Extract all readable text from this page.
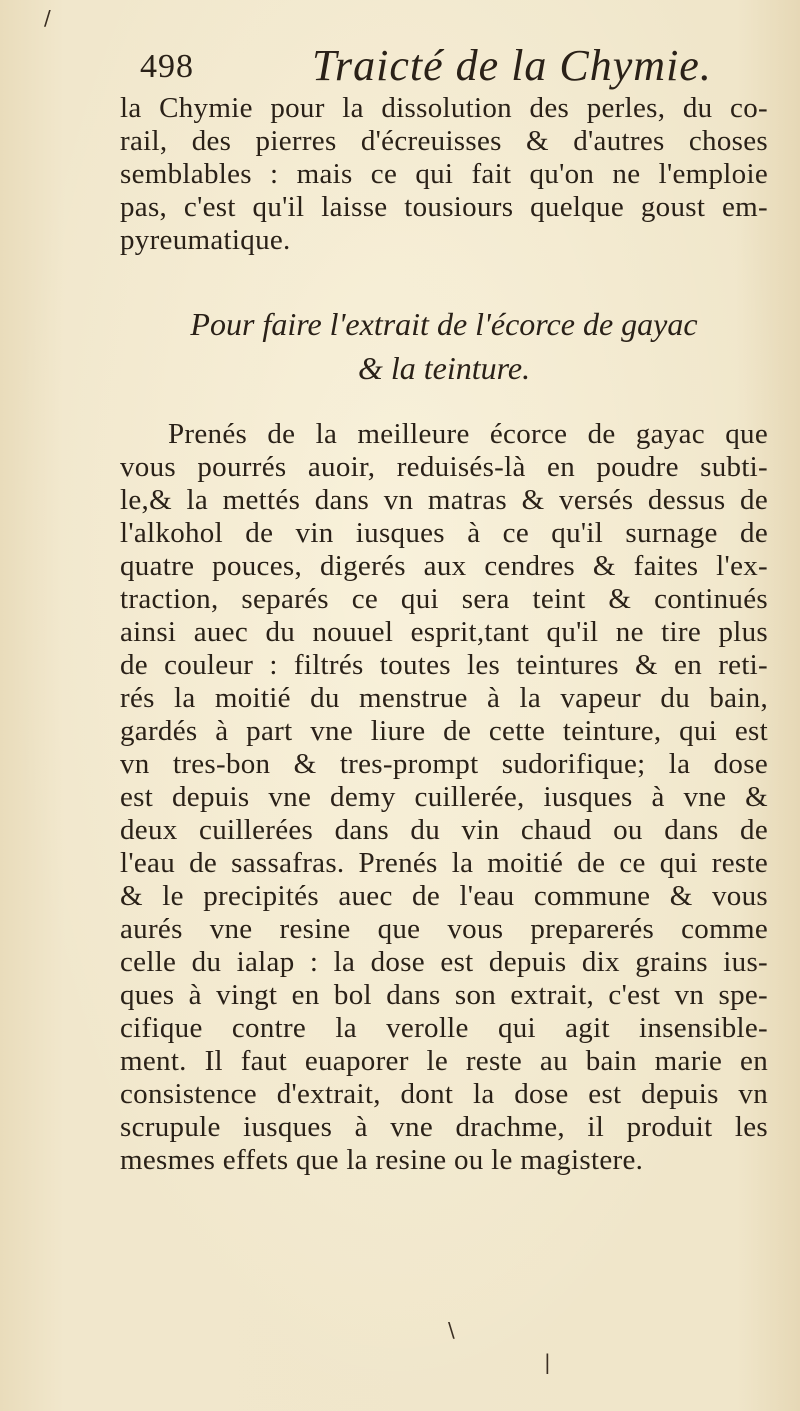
498	Traicté de la Chymie.
la Chymie pour la dissolution des perles, du co-
rail, des pierres d'écreuisses & d'autres choses
semblables : mais ce qui fait qu'on ne l'emploie
pas, c'est qu'il laisse tousiours quelque goust em-
pyreumatique.
Pour faire l'extrait de l'écorce de gayac
& la teinture.
Prenés de la meilleure écorce de gayac que
vous pourrés auoir, reduisés-là en poudre subti-
le,& la mettés dans vn matras & versés dessus de
l'alkohol de vin iusques à ce qu'il surnage de
quatre pouces, digerés aux cendres & faites l'ex-
traction, separés ce qui sera teint & continués
ainsi auec du nouuel esprit,tant qu'il ne tire plus
de couleur : filtrés toutes les teintures & en reti-
rés la moitié du menstrue à la vapeur du bain,
gardés à part vne liure de cette teinture, qui est
vn tres-bon & tres-prompt sudorifique; la dose
est depuis vne demy cuillerée, iusques à vne &
deux cuillerées dans du vin chaud ou dans de
l'eau de sassafras. Prenés la moitié de ce qui reste
& le precipités auec de l'eau commune & vous
aurés vne resine que vous preparerés comme
celle du ialap : la dose est depuis dix grains ius-
ques à vingt en bol dans son extrait, c'est vn spe-
cifique contre la verolle qui agit insensible-
ment. Il faut euaporer le reste au bain marie en
consistence d'extrait, dont la dose est depuis vn
scrupule iusques à vne drachme, il produit les
mesmes effets que la resine ou le magistere.
/
\
|
